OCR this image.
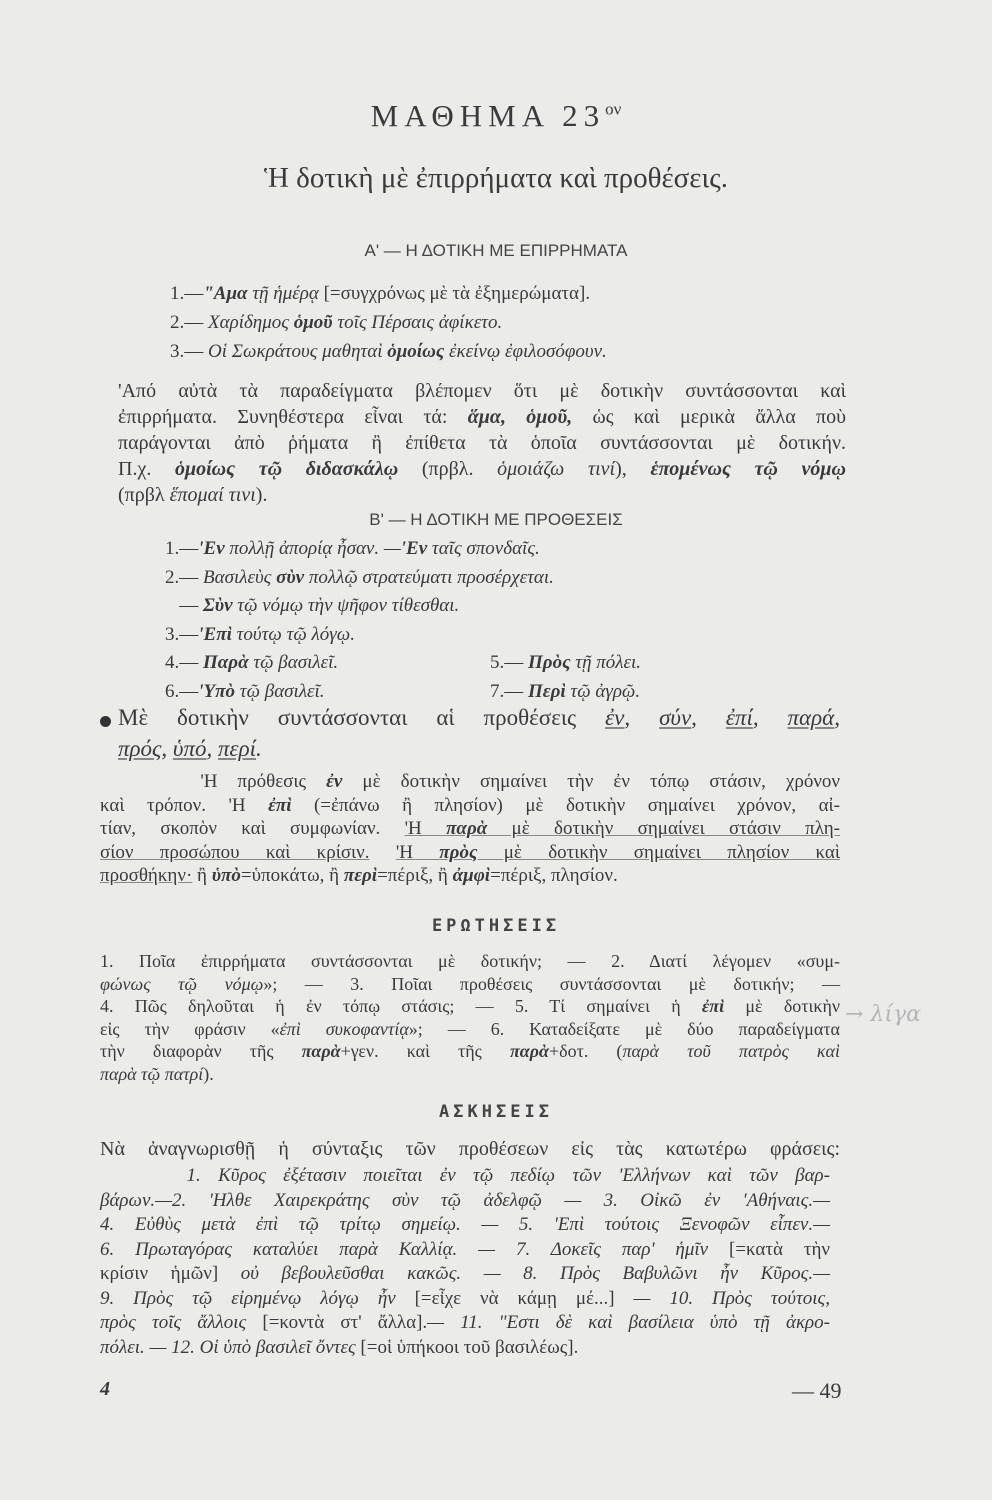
ΜΑΘΗΜΑ $23^{o\nu}$
Ἡ δοτικὴ μὲ ἐπιρρήματα καὶ προθέσεις.
Α' — Η ΔΟΤΙΚΗ ΜΕ ΕΠΙΡΡΗΜΑΤΑ
1.—"Αμα τῇ ἡμέρᾳ [=συγχρόνως μὲ τὰ ἐξημερώματα].
2.— Χαρίδημος ὁμοῦ τοῖς Πέρσαις ἀφίκετο.
3.— Οἱ Σωκράτους μαθηταὶ ὁμοίως ἐκείνῳ ἐφιλοσόφουν.
'Από αὐτὰ τὰ παραδείγματα βλέπομεν ὅτι μὲ δοτικὴν συντάσσονται καὶ
ἐπιρρήματα. Συνηθέστερα εἶναι τά: ἅμα, ὁμοῦ, ὡς καὶ μερικὰ ἄλλα ποὺ
παράγονται ἀπὸ ῥήματα ἢ ἐπίθετα τὰ ὁποῖα συντάσσονται μὲ δοτικήν.
Π.χ. ὁμοίως τῷ διδασκάλῳ (πρβλ. ὁμοιάζω τινί), ἑπομένως τῷ νόμῳ
(πρβλ ἕπομαί τινι).
Β' — Η ΔΟΤΙΚΗ ΜΕ ΠΡΟΘΕΣΕΙΣ
1.—'Εν πολλῇ ἀπορίᾳ ἦσαν. —'Εν ταῖς σπονδαῖς.
2.— Βασιλεὺς σὺν πολλῷ στρατεύματι προσέρχεται.
— Σὺν τῷ νόμῳ τὴν ψῆφον τίθεσθαι.
3.—'Επὶ τούτῳ τῷ λόγῳ.
4.— Παρὰ τῷ βασιλεῖ.
6.—'Υπὸ τῷ βασιλεῖ.
5.— Πρὸς τῇ πόλει.
7.— Περὶ τῷ ἀγρῷ.
Μὲ δοτικὴν συντάσσονται αἱ προθέσεις ἐν, σύν, ἐπί, παρά,
πρός, ὑπό, περί.
'Η πρόθεσις ἐν μὲ δοτικὴν σημαίνει τὴν ἐν τόπῳ στάσιν, χρόνον
καὶ τρόπον. 'Η ἐπὶ (=ἐπάνω ἢ πλησίον) μὲ δοτικὴν σημαίνει χρόνον, αἰ-
τίαν, σκοπὸν καὶ συμφωνίαν. 'Η παρὰ μὲ δοτικὴν σημαίνει στάσιν πλη-
σίον προσώπου καὶ κρίσιν. 'Η πρὸς μὲ δοτικὴν σημαίνει πλησίον καὶ
προσθήκην· ἢ ὑπὸ=ὑποκάτω, ἢ περὶ=πέριξ, ἢ ἀμφὶ=πέριξ, πλησίον.
ΕΡΩΤΗΣΕΙΣ
1. Ποῖα ἐπιρρήματα συντάσσονται μὲ δοτικήν; — 2. Διατί λέγομεν «συμ-
φώνως τῷ νόμῳ»; — 3. Ποῖαι προθέσεις συντάσσονται μὲ δοτικήν; —
4. Πῶς δηλοῦται ἡ ἐν τόπῳ στάσις; — 5. Τί σημαίνει ἡ ἐπὶ μὲ δοτικὴν
εἰς τὴν φράσιν «ἐπὶ συκοφαντίᾳ»; — 6. Καταδείξατε μὲ δύο παραδείγματα
τὴν διαφορὰν τῆς παρὰ+γεν. καὶ τῆς παρὰ+δοτ. (παρὰ τοῦ πατρὸς καὶ
παρὰ τῷ πατρί).
→ λίγα
ΑΣΚΗΣΕΙΣ
Νὰ ἀναγνωρισθῇ ἡ σύνταξις τῶν προθέσεων εἰς τὰς κατωτέρω φράσεις:
1. Κῦρος ἐξέτασιν ποιεῖται ἐν τῷ πεδίῳ τῶν 'Ελλήνων καὶ τῶν βαρ-
βάρων.—2. 'Ηλθε Χαιρεκράτης σὺν τῷ ἀδελφῷ — 3. Οἰκῶ ἐν 'Αθήναις.—
4. Εὐθὺς μετὰ ἐπὶ τῷ τρίτῳ σημείῳ. — 5. 'Επὶ τούτοις Ξενοφῶν εἶπεν.—
6. Πρωταγόρας καταλύει παρὰ Καλλίᾳ. — 7. Δοκεῖς παρ' ἡμῖν [=κατὰ τὴν
κρίσιν ἡμῶν] οὐ βεβουλεῦσθαι κακῶς. — 8. Πρὸς Βαβυλῶνι ἦν Κῦρος.—
9. Πρὸς τῷ εἰρημένῳ λόγῳ ἦν [=εἶχε νὰ κάμῃ μέ...] — 10. Πρὸς τούτοις,
πρὸς τοῖς ἄλλοις [=κοντὰ στ' ἄλλα].— 11. "Εστι δὲ καὶ βασίλεια ὑπὸ τῇ ἀκρο-
πόλει. — 12. Οἱ ὑπὸ βασιλεῖ ὄντες [=οἱ ὑπήκοοι τοῦ βασιλέως].
4	— 49
